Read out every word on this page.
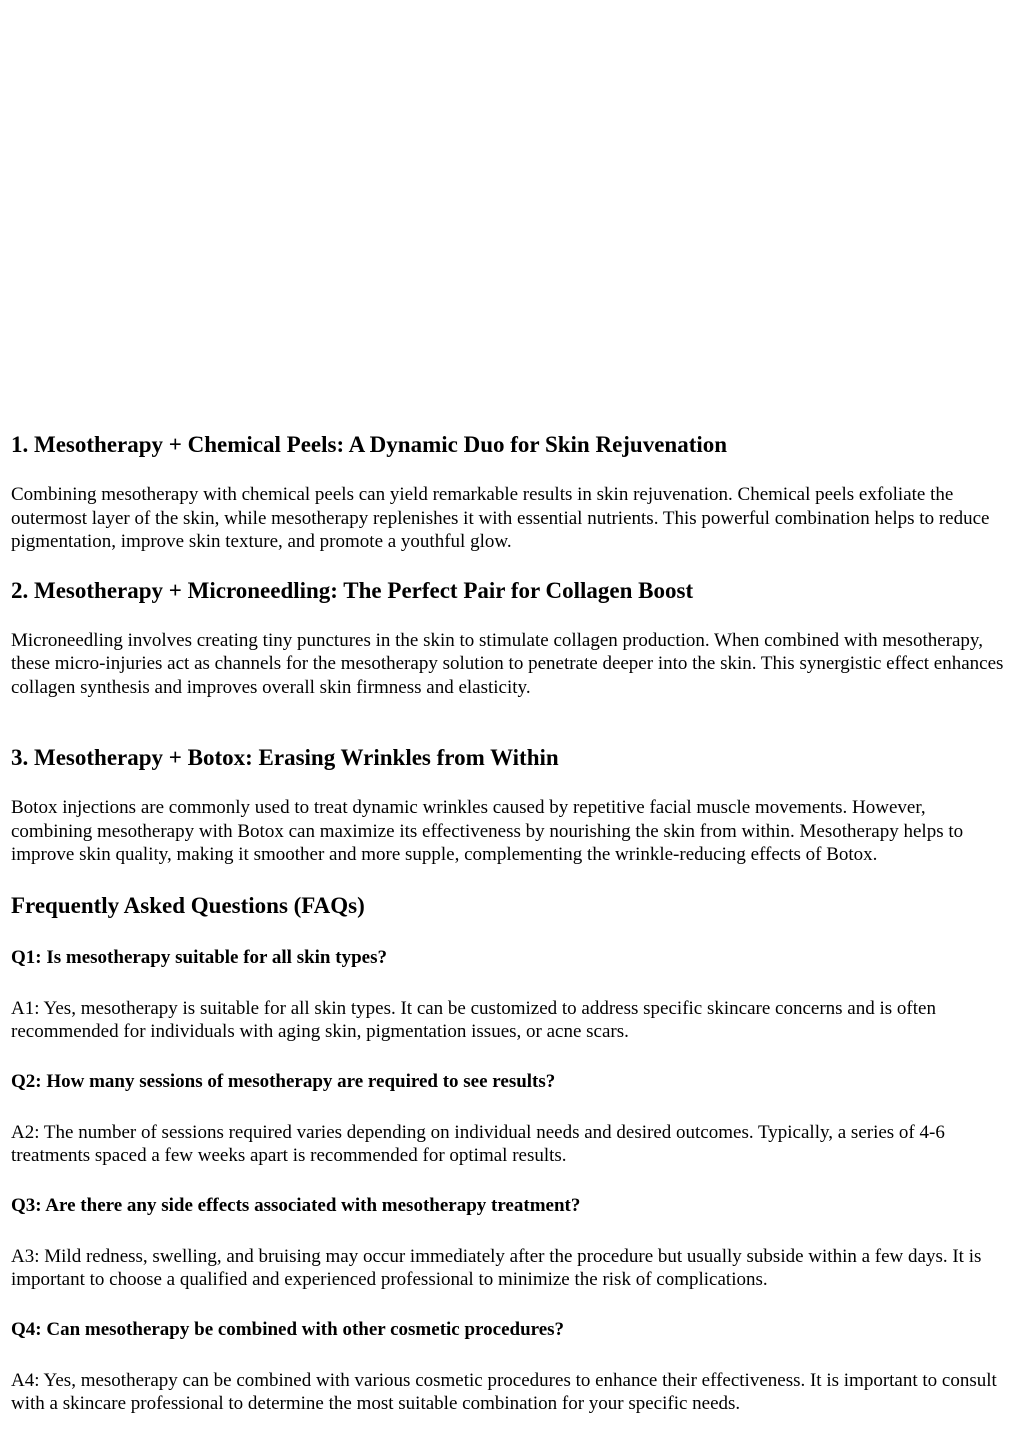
1. Mesotherapy + Chemical Peels: A Dynamic Duo for Skin Rejuvenation

Combining mesotherapy with chemical peels can yield remarkable results in skin rejuvenation. Chemical peels exfoliate the outermost layer of the skin, while mesotherapy replenishes it with essential nutrients. This powerful combination helps to reduce pigmentation, improve skin texture, and promote a youthful glow.

2. Mesotherapy + Microneedling: The Perfect Pair for Collagen Boost

Microneedling involves creating tiny punctures in the skin to stimulate collagen production. When combined with mesotherapy, these micro-injuries act as channels for the mesotherapy solution to penetrate deeper into the skin. This synergistic effect enhances collagen synthesis and improves overall skin firmness and elasticity.

3. Mesotherapy + Botox: Erasing Wrinkles from Within

Botox injections are commonly used to treat dynamic wrinkles caused by repetitive facial muscle movements. However, combining mesotherapy with Botox can maximize its effectiveness by nourishing the skin from within. Mesotherapy helps to improve skin quality, making it smoother and more supple, complementing the wrinkle-reducing effects of Botox.

Frequently Asked Questions (FAQs)
Q1: Is mesotherapy suitable for all skin types?

A1: Yes, mesotherapy is suitable for all skin types. It can be customized to address specific skincare concerns and is often recommended for individuals with aging skin, pigmentation issues, or acne scars.

Q2: How many sessions of mesotherapy are required to see results?

A2: The number of sessions required varies depending on individual needs and desired outcomes. Typically, a series of 4-6 treatments spaced a few weeks apart is recommended for optimal results.

Q3: Are there any side effects associated with mesotherapy treatment?

A3: Mild redness, swelling, and bruising may occur immediately after the procedure but usually subside within a few days. It is important to choose a qualified and experienced professional to minimize the risk of complications.

Q4: Can mesotherapy be combined with other cosmetic procedures?

A4: Yes, mesotherapy can be combined with various cosmetic procedures to enhance their effectiveness. It is important to consult with a skincare professional to determine the most suitable combination for your specific needs.
